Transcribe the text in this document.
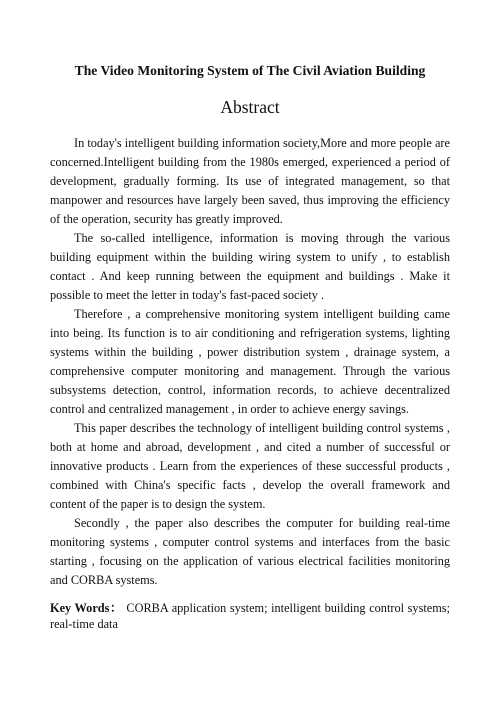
The Video Monitoring System of The Civil Aviation Building
Abstract

In today's intelligent building information society,More and more people are concerned.Intelligent building from the 1980s emerged, experienced a period of development, gradually forming. Its use of integrated management, so that manpower and resources have largely been saved, thus improving the efficiency of the operation, security has greatly improved.

The so-called intelligence, information is moving through the various building equipment within the building wiring system to unify , to establish contact . And keep running between the equipment and buildings . Make it possible to meet the letter in today's fast-paced society .

Therefore , a comprehensive monitoring system intelligent building came into being. Its function is to air conditioning and refrigeration systems, lighting systems within the building , power distribution system , drainage system, a comprehensive computer monitoring and management. Through the various subsystems detection, control, information records, to achieve decentralized control and centralized management , in order to achieve energy savings.

This paper describes the technology of intelligent building control systems , both at home and abroad, development , and cited a number of successful or innovative products . Learn from the experiences of these successful products , combined with China's specific facts , develop the overall framework and content of the paper is to design the system.

Secondly , the paper also describes the computer for building real-time monitoring systems , computer control systems and interfaces from the basic starting , focusing on the application of various electrical facilities monitoring and CORBA systems.

Key Words： CORBA application system; intelligent building control systems; real-time data
